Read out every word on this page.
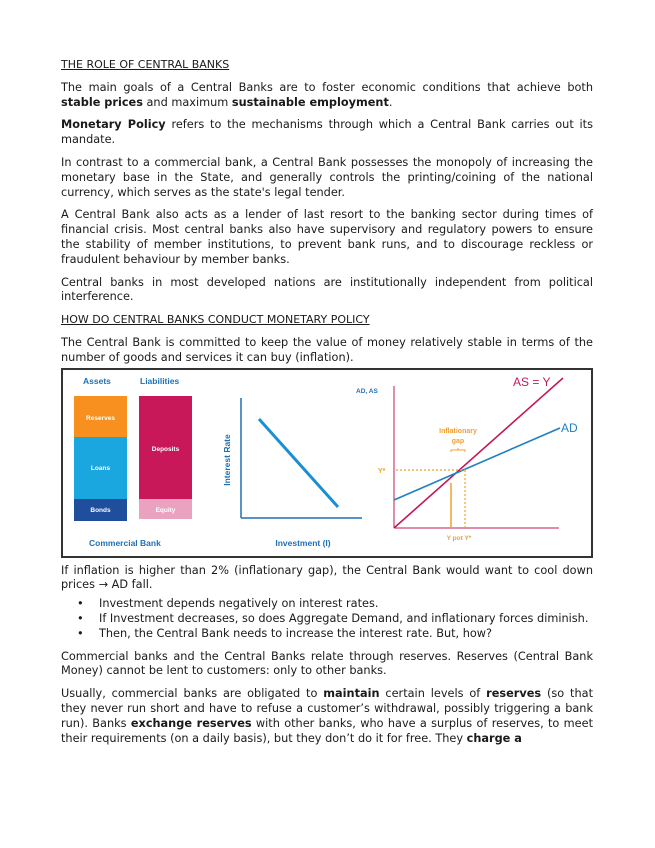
THE ROLE OF CENTRAL BANKS

The main goals of a Central Banks are to foster economic conditions that achieve both stable prices and maximum sustainable employment.

Monetary Policy refers to the mechanisms through which a Central Bank carries out its mandate.

In contrast to a commercial bank, a Central Bank possesses the monopoly of increasing the monetary base in the State, and generally controls the printing/coining of the national currency, which serves as the state's legal tender.

A Central Bank also acts as a lender of last resort to the banking sector during times of financial crisis. Most central banks also have supervisory and regulatory powers to ensure the stability of member institutions, to prevent bank runs, and to discourage reckless or fraudulent behaviour by member banks.

Central banks in most developed nations are institutionally independent from political interference.

HOW DO CENTRAL BANKS CONDUCT MONETARY POLICY

The Central Bank is committed to keep the value of money relatively stable in terms of the number of goods and services it can buy (inflation).

Assets	Liabilities
Reserves
Loans
Bonds
Deposits
Equity
Commercial Bank
Interest Rate
Investment (I)
AD, AS
Inflationary
gap
Y*
Y pot Y*
AS = Y
AD

If inflation is higher than 2% (inflationary gap), the Central Bank would want to cool down prices → AD fall.

• Investment depends negatively on interest rates.
• If Investment decreases, so does Aggregate Demand, and inflationary forces diminish.
• Then, the Central Bank needs to increase the interest rate. But, how?

Commercial banks and the Central Banks relate through reserves. Reserves (Central Bank Money) cannot be lent to customers: only to other banks.

Usually, commercial banks are obligated to maintain certain levels of reserves (so that they never run short and have to refuse a customer’s withdrawal, possibly triggering a bank run). Banks exchange reserves with other banks, who have a surplus of reserves, to meet their requirements (on a daily basis), but they don’t do it for free. They charge a
